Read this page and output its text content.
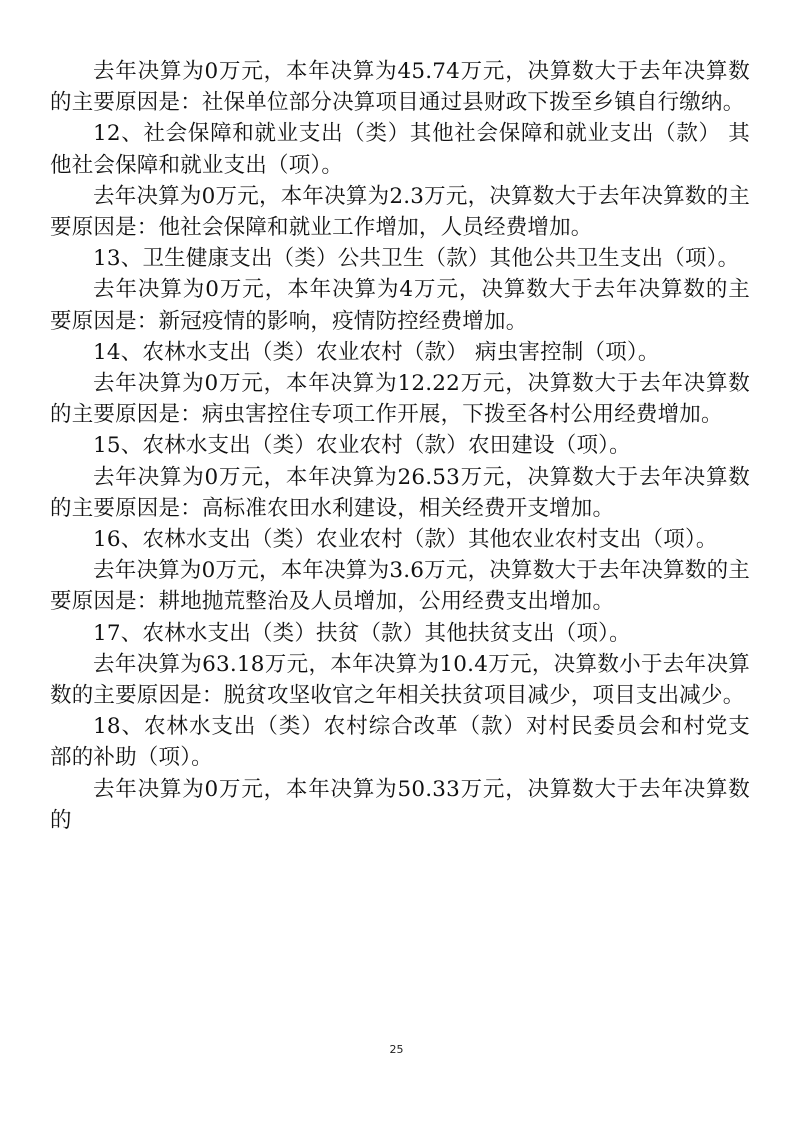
去年决算为0万元，本年决算为45.74万元，决算数大于去年决算数的主要原因是：社保单位部分决算项目通过县财政下拨至乡镇自行缴纳。

12、社会保障和就业支出（类）其他社会保障和就业支出（款） 其他社会保障和就业支出（项）。

去年决算为0万元，本年决算为2.3万元，决算数大于去年决算数的主要原因是：他社会保障和就业工作增加，人员经费增加。

13、卫生健康支出（类）公共卫生（款）其他公共卫生支出（项）。

去年决算为0万元，本年决算为4万元，决算数大于去年决算数的主要原因是：新冠疫情的影响，疫情防控经费增加。

14、农林水支出（类）农业农村（款） 病虫害控制（项）。

去年决算为0万元，本年决算为12.22万元，决算数大于去年决算数的主要原因是：病虫害控住专项工作开展，下拨至各村公用经费增加。

15、农林水支出（类）农业农村（款）农田建设（项）。

去年决算为0万元，本年决算为26.53万元，决算数大于去年决算数的主要原因是：高标准农田水利建设，相关经费开支增加。

16、农林水支出（类）农业农村（款）其他农业农村支出（项）。

去年决算为0万元，本年决算为3.6万元，决算数大于去年决算数的主要原因是：耕地抛荒整治及人员增加，公用经费支出增加。

17、农林水支出（类）扶贫（款）其他扶贫支出（项）。

去年决算为63.18万元，本年决算为10.4万元，决算数小于去年决算数的主要原因是：脱贫攻坚收官之年相关扶贫项目减少，项目支出减少。

18、农林水支出（类）农村综合改革（款）对村民委员会和村党支部的补助（项）。

去年决算为0万元，本年决算为50.33万元，决算数大于去年决算数的

25
